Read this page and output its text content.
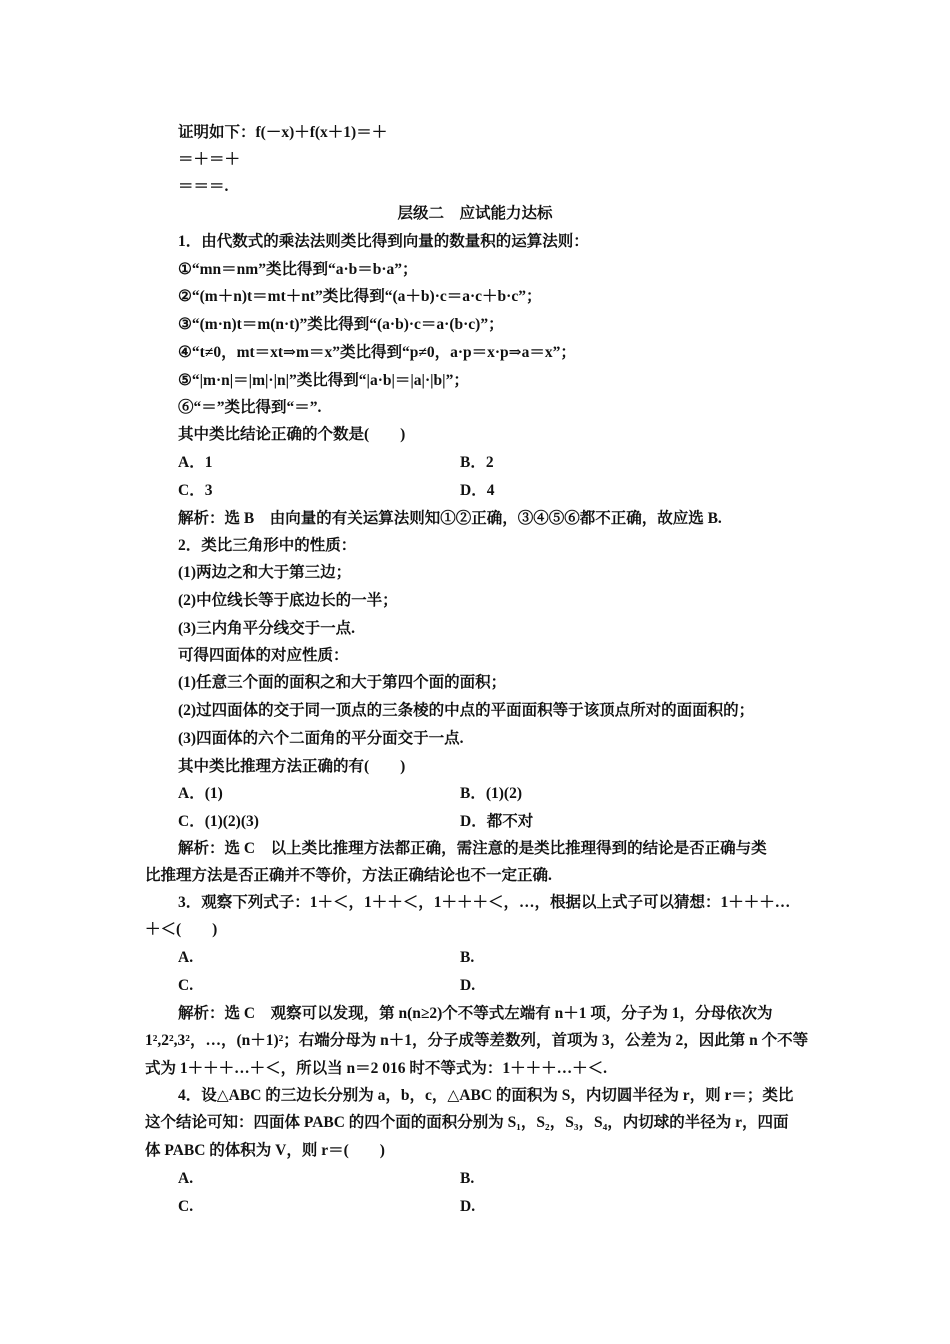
证明如下：f(－x)＋f(x＋1)＝＋
＝＋＝＋
＝＝＝.
层级二　应试能力达标
1．由代数式的乘法法则类比得到向量的数量积的运算法则：
①“mn＝nm”类比得到“a·b＝b·a”；
②“(m＋n)t＝mt＋nt”类比得到“(a＋b)·c＝a·c＋b·c”；
③“(m·n)t＝m(n·t)”类比得到“(a·b)·c＝a·(b·c)”；
④“t≠0，mt＝xt⇒m＝x”类比得到“p≠0，a·p＝x·p⇒a＝x”；
⑤“|m·n|＝|m|·|n|”类比得到“|a·b|＝|a|·|b|”；
⑥“＝”类比得到“＝”.
其中类比结论正确的个数是(　　)
A．1	B．2
C．3	D．4
解析：选 B　由向量的有关运算法则知①②正确，③④⑤⑥都不正确，故应选 B.
2．类比三角形中的性质：
(1)两边之和大于第三边；
(2)中位线长等于底边长的一半；
(3)三内角平分线交于一点.
可得四面体的对应性质：
(1)任意三个面的面积之和大于第四个面的面积；
(2)过四面体的交于同一顶点的三条棱的中点的平面面积等于该顶点所对的面面积的；
(3)四面体的六个二面角的平分面交于一点.
其中类比推理方法正确的有(　　)
A．(1)	B．(1)(2)
C．(1)(2)(3)	D．都不对
解析：选 C　以上类比推理方法都正确，需注意的是类比推理得到的结论是否正确与类
比推理方法是否正确并不等价，方法正确结论也不一定正确.
3．观察下列式子：1＋＜，1＋＋＜，1＋＋＋＜，…，根据以上式子可以猜想：1＋＋＋…
＋＜(　　)
A.	B.
C.	D.
解析：选 C　观察可以发现，第 n(n≥2)个不等式左端有 n＋1 项，分子为 1，分母依次为
1²,2²,3²，…，(n＋1)²；右端分母为 n＋1，分子成等差数列，首项为 3，公差为 2，因此第 n 个不等
式为 1＋＋＋…＋＜，所以当 n＝2 016 时不等式为：1＋＋＋…＋＜.
4．设△ABC 的三边长分别为 a，b，c，△ABC 的面积为 S，内切圆半径为 r，则 r＝；类比
这个结论可知：四面体 PABC 的四个面的面积分别为 S₁，S₂，S₃，S₄，内切球的半径为 r，四面
体 PABC 的体积为 V，则 r＝(　　)
A.	B.
C.	D.
